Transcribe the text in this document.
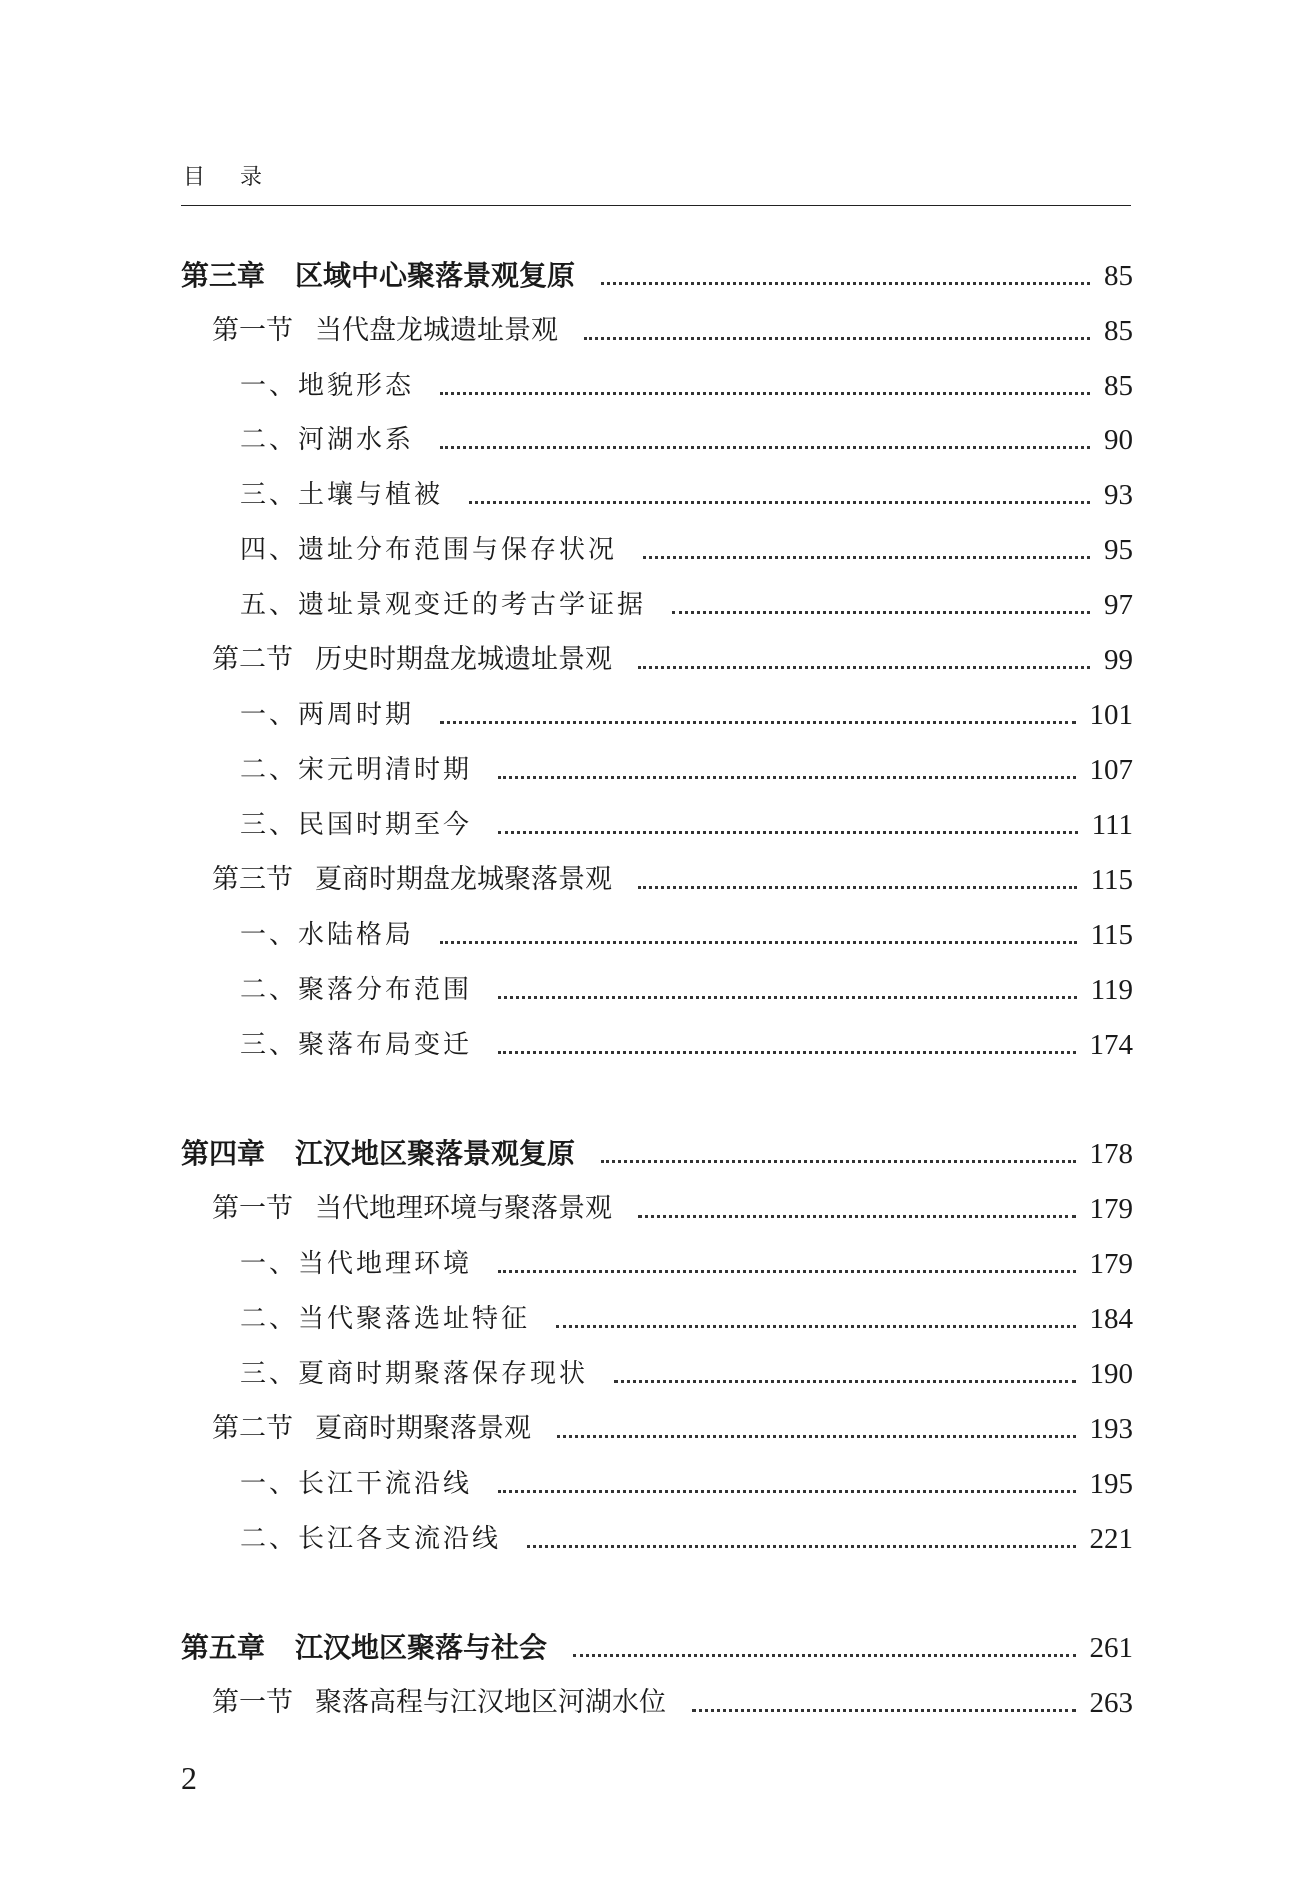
目 录
第三章 区域中心聚落景观复原	85
第一节 当代盘龙城遗址景观	85
一、地貌形态	85
二、河湖水系	90
三、土壤与植被	93
四、遗址分布范围与保存状况	95
五、遗址景观变迁的考古学证据	97
第二节 历史时期盘龙城遗址景观	99
一、两周时期	101
二、宋元明清时期	107
三、民国时期至今	111
第三节 夏商时期盘龙城聚落景观	115
一、水陆格局	115
二、聚落分布范围	119
三、聚落布局变迁	174
第四章 江汉地区聚落景观复原	178
第一节 当代地理环境与聚落景观	179
一、当代地理环境	179
二、当代聚落选址特征	184
三、夏商时期聚落保存现状	190
第二节 夏商时期聚落景观	193
一、长江干流沿线	195
二、长江各支流沿线	221
第五章 江汉地区聚落与社会	261
第一节 聚落高程与江汉地区河湖水位	263
2
